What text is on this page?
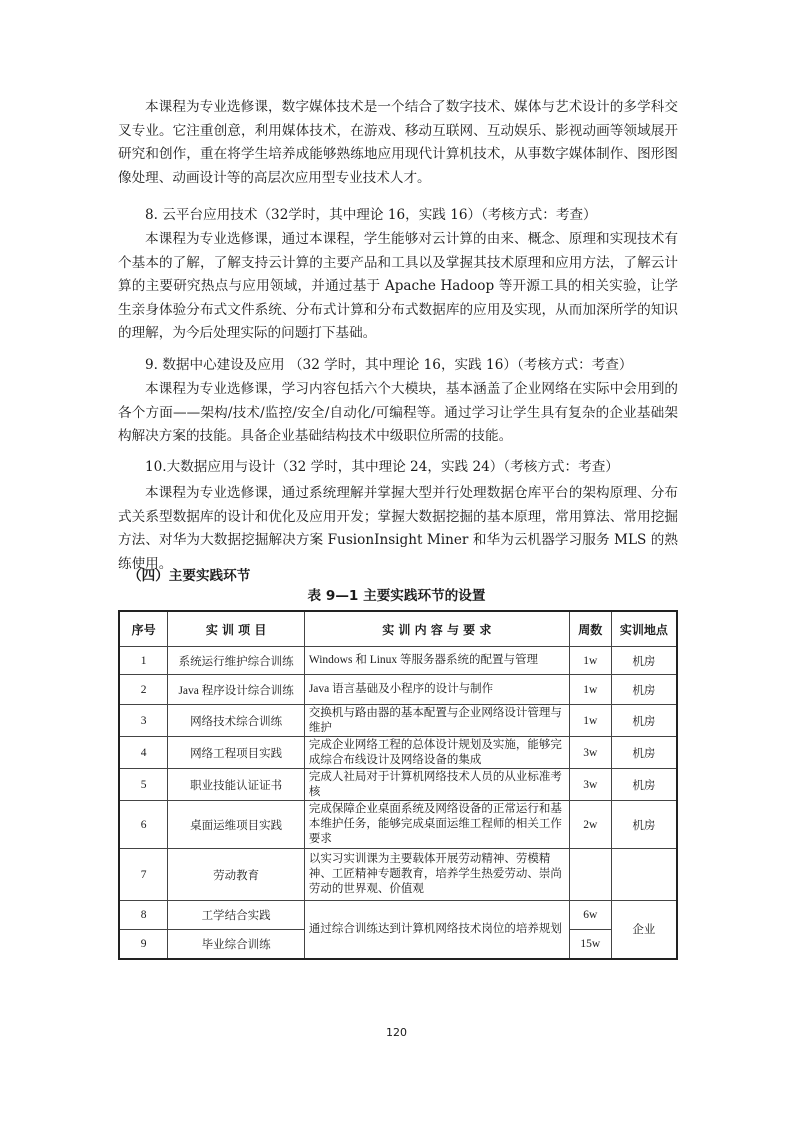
本课程为专业选修课，数字媒体技术是一个结合了数字技术、媒体与艺术设计的多学科交叉专业。它注重创意，利用媒体技术，在游戏、移动互联网、互动娱乐、影视动画等领域展开研究和创作，重在将学生培养成能够熟练地应用现代计算机技术，从事数字媒体制作、图形图像处理、动画设计等的高层次应用型专业技术人才。

8. 云平台应用技术（32学时，其中理论 16，实践 16）（考核方式：考查）

本课程为专业选修课，通过本课程，学生能够对云计算的由来、概念、原理和实现技术有个基本的了解，了解支持云计算的主要产品和工具以及掌握其技术原理和应用方法，了解云计算的主要研究热点与应用领域，并通过基于 Apache Hadoop 等开源工具的相关实验，让学生亲身体验分布式文件系统、分布式计算和分布式数据库的应用及实现，从而加深所学的知识的理解，为今后处理实际的问题打下基础。

9. 数据中心建设及应用 （32 学时，其中理论 16，实践 16）（考核方式：考查）

本课程为专业选修课，学习内容包括六个大模块，基本涵盖了企业网络在实际中会用到的各个方面——架构/技术/监控/安全/自动化/可编程等。通过学习让学生具有复杂的企业基础架构解决方案的技能。具备企业基础结构技术中级职位所需的技能。

10.大数据应用与设计（32 学时，其中理论 24，实践 24）（考核方式：考查）

本课程为专业选修课，通过系统理解并掌握大型并行处理数据仓库平台的架构原理、分布式关系型数据库的设计和优化及应用开发；掌握大数据挖掘的基本原理，常用算法、常用挖掘方法、对华为大数据挖掘解决方案 FusionInsight Miner 和华为云机器学习服务 MLS 的熟练使用。

（四）主要实践环节

表 9—1 主要实践环节的设置

序号	实 训 项 目	实 训 内 容 与 要 求	周数	实训地点
1	系统运行维护综合训练	Windows 和 Linux 等服务器系统的配置与管理	1w	机房
2	Java 程序设计综合训练	Java 语言基础及小程序的设计与制作	1w	机房
3	网络技术综合训练	交换机与路由器的基本配置与企业网络设计管理与维护	1w	机房
4	网络工程项目实践	完成企业网络工程的总体设计规划及实施，能够完成综合布线设计及网络设备的集成	3w	机房
5	职业技能认证证书	完成人社局对于计算机网络技术人员的从业标准考核	3w	机房
6	桌面运维项目实践	完成保障企业桌面系统及网络设备的正常运行和基本维护任务，能够完成桌面运维工程师的相关工作要求	2w	机房
7	劳动教育	以实习实训课为主要载体开展劳动精神、劳模精神、工匠精神专题教育，培养学生热爱劳动、崇尚劳动的世界观、价值观		
8	工学结合实践	通过综合训练达到计算机网络技术岗位的培养规划	6w	企业
9	毕业综合训练		15w	
120
